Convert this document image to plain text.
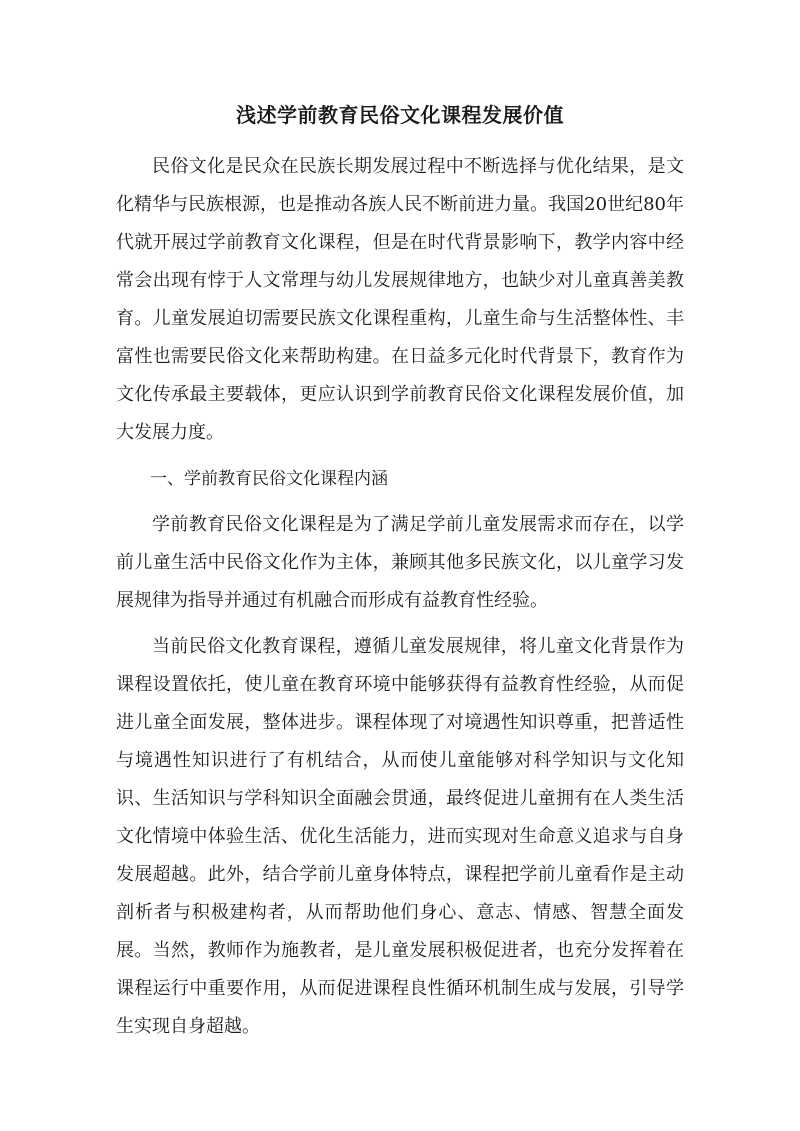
浅述学前教育民俗文化课程发展价值

民俗文化是民众在民族长期发展过程中不断选择与优化结果，是文化精华与民族根源，也是推动各族人民不断前进力量。我国20世纪80年代就开展过学前教育文化课程，但是在时代背景影响下，教学内容中经常会出现有悖于人文常理与幼儿发展规律地方，也缺少对儿童真善美教育。儿童发展迫切需要民族文化课程重构，儿童生命与生活整体性、丰富性也需要民俗文化来帮助构建。在日益多元化时代背景下，教育作为文化传承最主要载体，更应认识到学前教育民俗文化课程发展价值，加大发展力度。

一、学前教育民俗文化课程内涵

学前教育民俗文化课程是为了满足学前儿童发展需求而存在，以学前儿童生活中民俗文化作为主体，兼顾其他多民族文化，以儿童学习发展规律为指导并通过有机融合而形成有益教育性经验。

当前民俗文化教育课程，遵循儿童发展规律，将儿童文化背景作为课程设置依托，使儿童在教育环境中能够获得有益教育性经验，从而促进儿童全面发展，整体进步。课程体现了对境遇性知识尊重，把普适性与境遇性知识进行了有机结合，从而使儿童能够对科学知识与文化知识、生活知识与学科知识全面融会贯通，最终促进儿童拥有在人类生活文化情境中体验生活、优化生活能力，进而实现对生命意义追求与自身发展超越。此外，结合学前儿童身体特点，课程把学前儿童看作是主动剖析者与积极建构者，从而帮助他们身心、意志、情感、智慧全面发展。当然，教师作为施教者，是儿童发展积极促进者，也充分发挥着在课程运行中重要作用，从而促进课程良性循环机制生成与发展，引导学生实现自身超越。
